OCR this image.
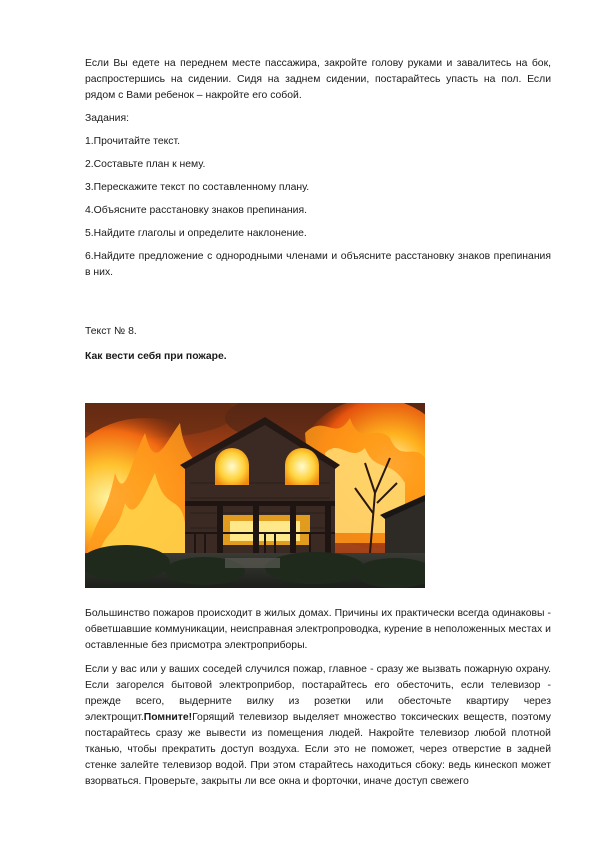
Если Вы едете на переднем месте пассажира, закройте голову руками и завалитесь на бок, распростершись на сидении. Сидя на заднем сидении, постарайтесь упасть на пол. Если рядом с Вами ребенок – накройте его собой.

Задания:

1.Прочитайте текст.

2.Составьте план к нему.

3.Перескажите текст по составленному плану.

4.Объясните расстановку знаков препинания.

5.Найдите глаголы и определите наклонение.

6.Найдите предложение с однородными членами и объясните расстановку знаков препинания в них.

Текст № 8.

Как вести себя при пожаре.

Большинство пожаров происходит в жилых домах. Причины их практически всегда одинаковы - обветшавшие коммуникации, неисправная электропроводка, курение в неположенных местах и оставленные без присмотра электроприборы.

Если у вас или у ваших соседей случился пожар, главное - сразу же вызвать пожарную охрану. Если загорелся бытовой электроприбор, постарайтесь его обесточить, если телевизор - прежде всего, выдерните вилку из розетки или обесточьте квартиру через электрощит.Помните!Горящий телевизор выделяет множество токсических веществ, поэтому постарайтесь сразу же вывести из помещения людей. Накройте телевизор любой плотной тканью, чтобы прекратить доступ воздуха. Если это не поможет, через отверстие в задней стенке залейте телевизор водой. При этом старайтесь находиться сбоку: ведь кинескоп может взорваться. Проверьте, закрыты ли все окна и форточки, иначе доступ свежего
